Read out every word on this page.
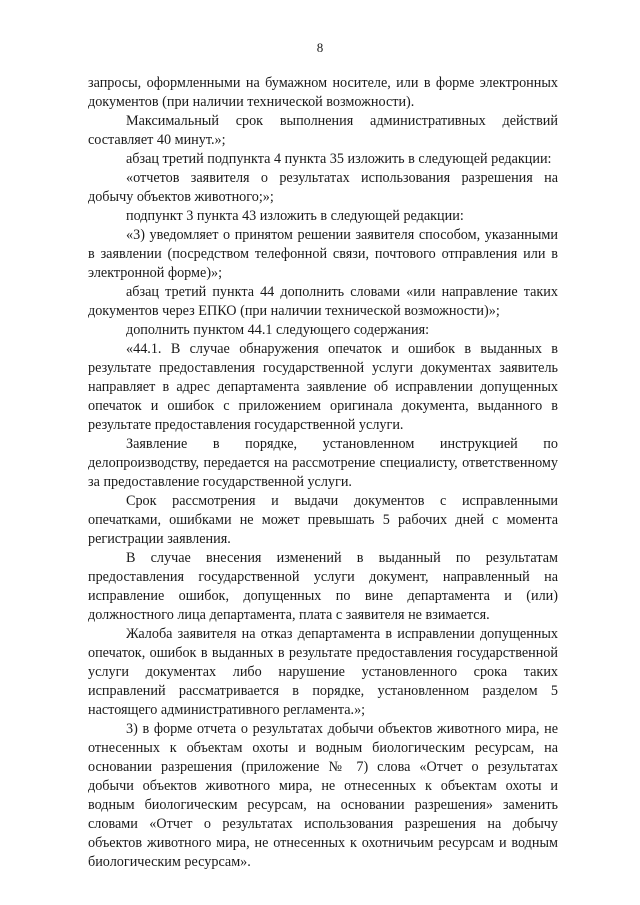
8

запросы, оформленными на бумажном носителе, или в форме электронных документов (при наличии технической возможности).

Максимальный срок выполнения административных действий составляет 40 минут.»;

абзац третий подпункта 4 пункта 35 изложить в следующей редакции:

«отчетов заявителя о результатах использования разрешения на добычу объектов животного;»;

подпункт 3 пункта 43 изложить в следующей редакции:

«3) уведомляет о принятом решении заявителя способом, указанными в заявлении (посредством телефонной связи, почтового отправления или в электронной форме)»;

абзац третий пункта 44 дополнить словами «или направление таких документов через ЕПКО (при наличии технической возможности)»;

дополнить пунктом 44.1 следующего содержания:

«44.1. В случае обнаружения опечаток и ошибок в выданных в результате предоставления государственной услуги документах заявитель направляет в адрес департамента заявление об исправлении допущенных опечаток и ошибок с приложением оригинала документа, выданного в результате предоставления государственной услуги.

Заявление в порядке, установленном инструкцией по делопроизводству, передается на рассмотрение специалисту, ответственному за предоставление государственной услуги.

Срок рассмотрения и выдачи документов с исправленными опечатками, ошибками не может превышать 5 рабочих дней с момента регистрации заявления.

В случае внесения изменений в выданный по результатам предоставления государственной услуги документ, направленный на исправление ошибок, допущенных по вине департамента и (или) должностного лица департамента, плата с заявителя не взимается.

Жалоба заявителя на отказ департамента в исправлении допущенных опечаток, ошибок в выданных в результате предоставления государственной услуги документах либо нарушение установленного срока таких исправлений рассматривается в порядке, установленном разделом 5 настоящего административного регламента.»;

3) в форме отчета о результатах добычи объектов животного мира, не отнесенных к объектам охоты и водным биологическим ресурсам, на основании разрешения (приложение № 7) слова «Отчет о результатах добычи объектов животного мира, не отнесенных к объектам охоты и водным биологическим ресурсам, на основании разрешения» заменить словами «Отчет о результатах использования разрешения на добычу объектов животного мира, не отнесенных к охотничьим ресурсам и водным биологическим ресурсам».
